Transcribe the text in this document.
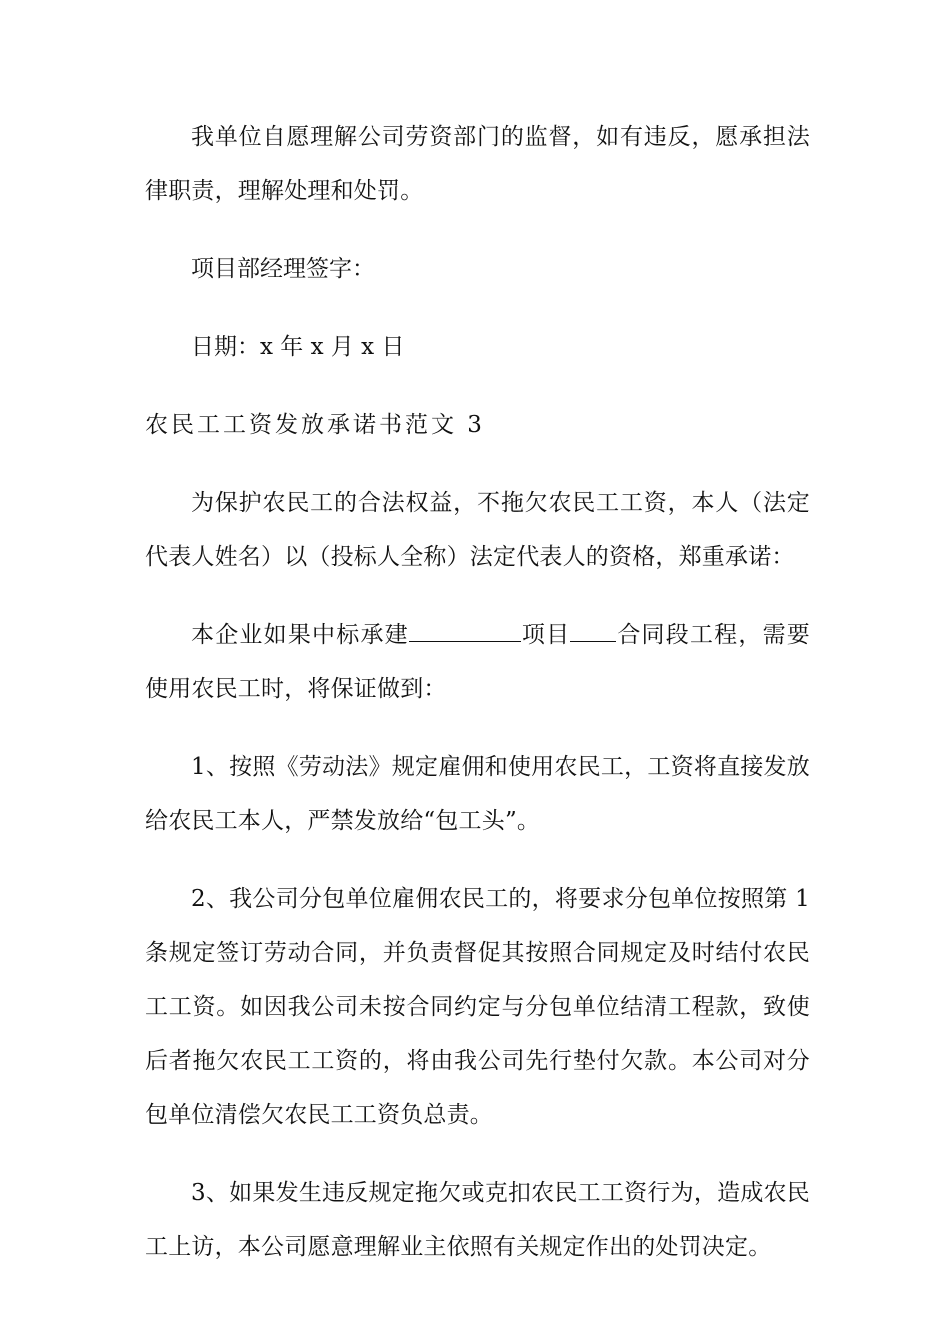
我单位自愿理解公司劳资部门的监督，如有违反，愿承担法律职责，理解处理和处罚。

项目部经理签字：

日期：x 年 x 月 x 日

农民工工资发放承诺书范文 3

为保护农民工的合法权益，不拖欠农民工工资，本人（法定代表人姓名）以（投标人全称）法定代表人的资格，郑重承诺：

本企业如果中标承建	项目 合同段工程，需要使用农民工时，将保证做到：

1、按照《劳动法》规定雇佣和使用农民工，工资将直接发放给农民工本人，严禁发放给“包工头”。

2、我公司分包单位雇佣农民工的，将要求分包单位按照第 1 条规定签订劳动合同，并负责督促其按照合同规定及时结付农民工工资。如因我公司未按合同约定与分包单位结清工程款，致使后者拖欠农民工工资的，将由我公司先行垫付欠款。本公司对分包单位清偿欠农民工工资负总责。

3、如果发生违反规定拖欠或克扣农民工工资行为，造成农民工上访，本公司愿意理解业主依照有关规定作出的处罚决定。
